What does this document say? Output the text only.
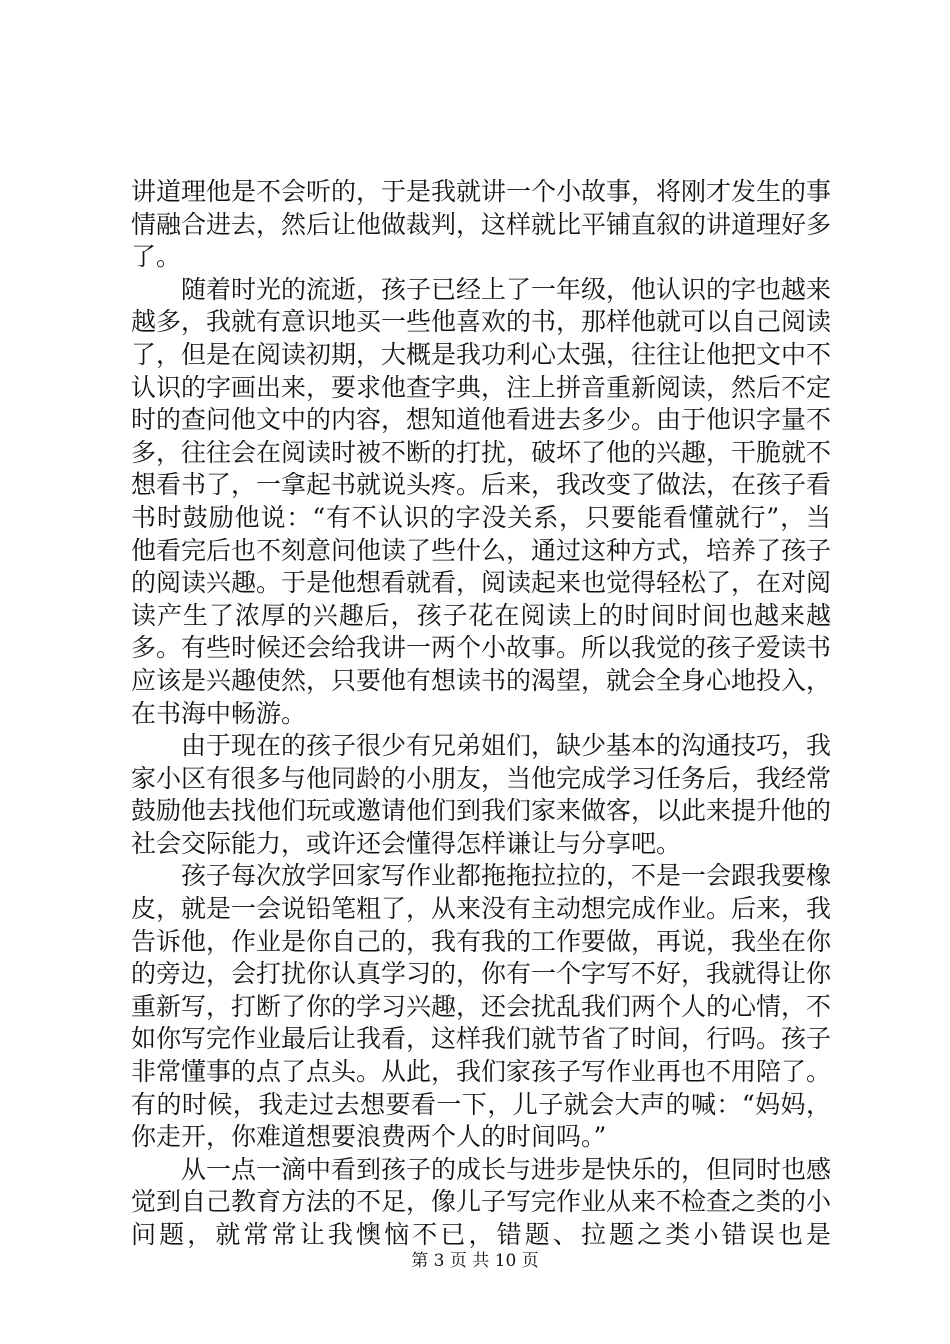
讲道理他是不会听的，于是我就讲一个小故事，将刚才发生的事情融合进去，然后让他做裁判，这样就比平铺直叙的讲道理好多了。

随着时光的流逝，孩子已经上了一年级，他认识的字也越来越多，我就有意识地买一些他喜欢的书，那样他就可以自己阅读了，但是在阅读初期，大概是我功利心太强，往往让他把文中不认识的字画出来，要求他查字典，注上拼音重新阅读，然后不定时的查问他文中的内容，想知道他看进去多少。由于他识字量不多，往往会在阅读时被不断的打扰，破坏了他的兴趣，干脆就不想看书了，一拿起书就说头疼。后来，我改变了做法，在孩子看书时鼓励他说：“有不认识的字没关系，只要能看懂就行”，当他看完后也不刻意问他读了些什么，通过这种方式，培养了孩子的阅读兴趣。于是他想看就看，阅读起来也觉得轻松了，在对阅读产生了浓厚的兴趣后，孩子花在阅读上的时间时间也越来越多。有些时候还会给我讲一两个小故事。所以我觉的孩子爱读书应该是兴趣使然，只要他有想读书的渴望，就会全身心地投入，在书海中畅游。

由于现在的孩子很少有兄弟姐们，缺少基本的沟通技巧，我家小区有很多与他同龄的小朋友，当他完成学习任务后，我经常鼓励他去找他们玩或邀请他们到我们家来做客，以此来提升他的社会交际能力，或许还会懂得怎样谦让与分享吧。

孩子每次放学回家写作业都拖拖拉拉的，不是一会跟我要橡皮，就是一会说铅笔粗了，从来没有主动想完成作业。后来，我告诉他，作业是你自己的，我有我的工作要做，再说，我坐在你的旁边，会打扰你认真学习的，你有一个字写不好，我就得让你重新写，打断了你的学习兴趣，还会扰乱我们两个人的心情，不如你写完作业最后让我看，这样我们就节省了时间，行吗。孩子非常懂事的点了点头。从此，我们家孩子写作业再也不用陪了。有的时候，我走过去想要看一下，儿子就会大声的喊：“妈妈，你走开，你难道想要浪费两个人的时间吗。”

从一点一滴中看到孩子的成长与进步是快乐的，但同时也感觉到自己教育方法的不足，像儿子写完作业从来不检查之类的小问题，就常常让我懊恼不已，错题、拉题之类小错误也是

第 3 页 共 10 页
